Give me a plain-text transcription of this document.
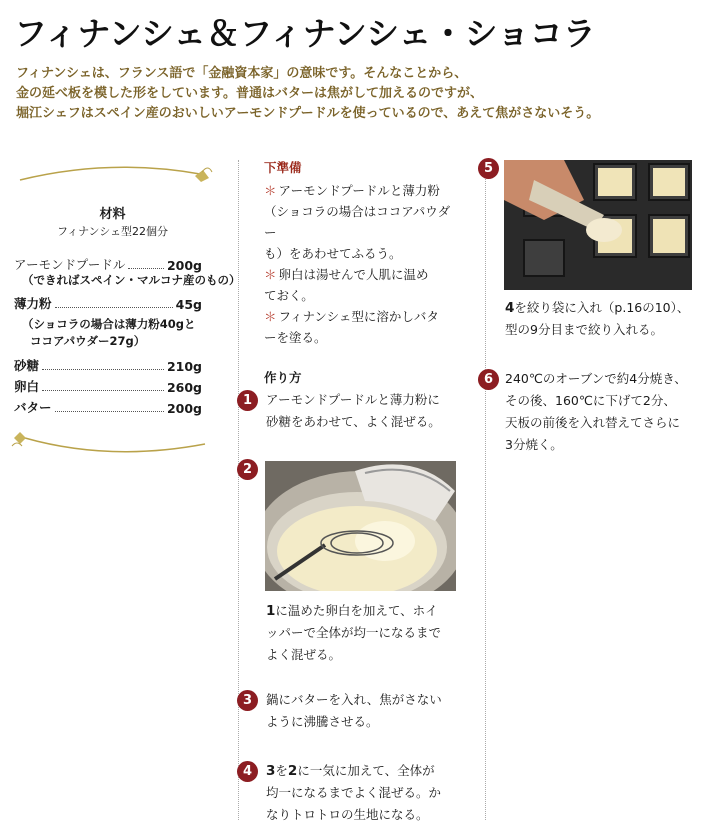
フィナンシェ＆フィナンシェ・ショコラ
フィナンシェは、フランス語で「金融資本家」の意味です。そんなことから、
金の延べ板を模した形をしています。普通はバターは焦がして加えるのですが、
堀江シェフはスペイン産のおいしいアーモンドプードルを使っているので、あえて焦がさないそう。
材料
フィナンシェ型22個分
アーモンドプードル	200g
（できればスペイン・マルコナ産のもの）
薄力粉	45g
（ショコラの場合は薄力粉40gと
ココアパウダー27g）
砂糖	210g
卵白	260g
バター	200g
下準備
＊ アーモンドプードルと薄力粉
（ショコラの場合はココアパウダー
も）をあわせてふるう。
＊ 卵白は湯せんで人肌に温め
ておく。
＊ フィナンシェ型に溶かしバタ
ーを塗る。
作り方
1	アーモンドプードルと薄力粉に
砂糖をあわせて、よく混ぜる。
2
1に温めた卵白を加えて、ホイ
ッパーで全体が均一になるまで
よく混ぜる。
3	鍋にバターを入れ、焦がさない
ように沸騰させる。
4	3を2に一気に加えて、全体が
均一になるまでよく混ぜる。か
なりトロトロの生地になる。
5
4を絞り袋に入れ（p.16の10）、
型の9分目まで絞り入れる。
6 240℃のオーブンで約4分焼き、
その後、160℃に下げて2分、
天板の前後を入れ替えてさらに
3分焼く。
